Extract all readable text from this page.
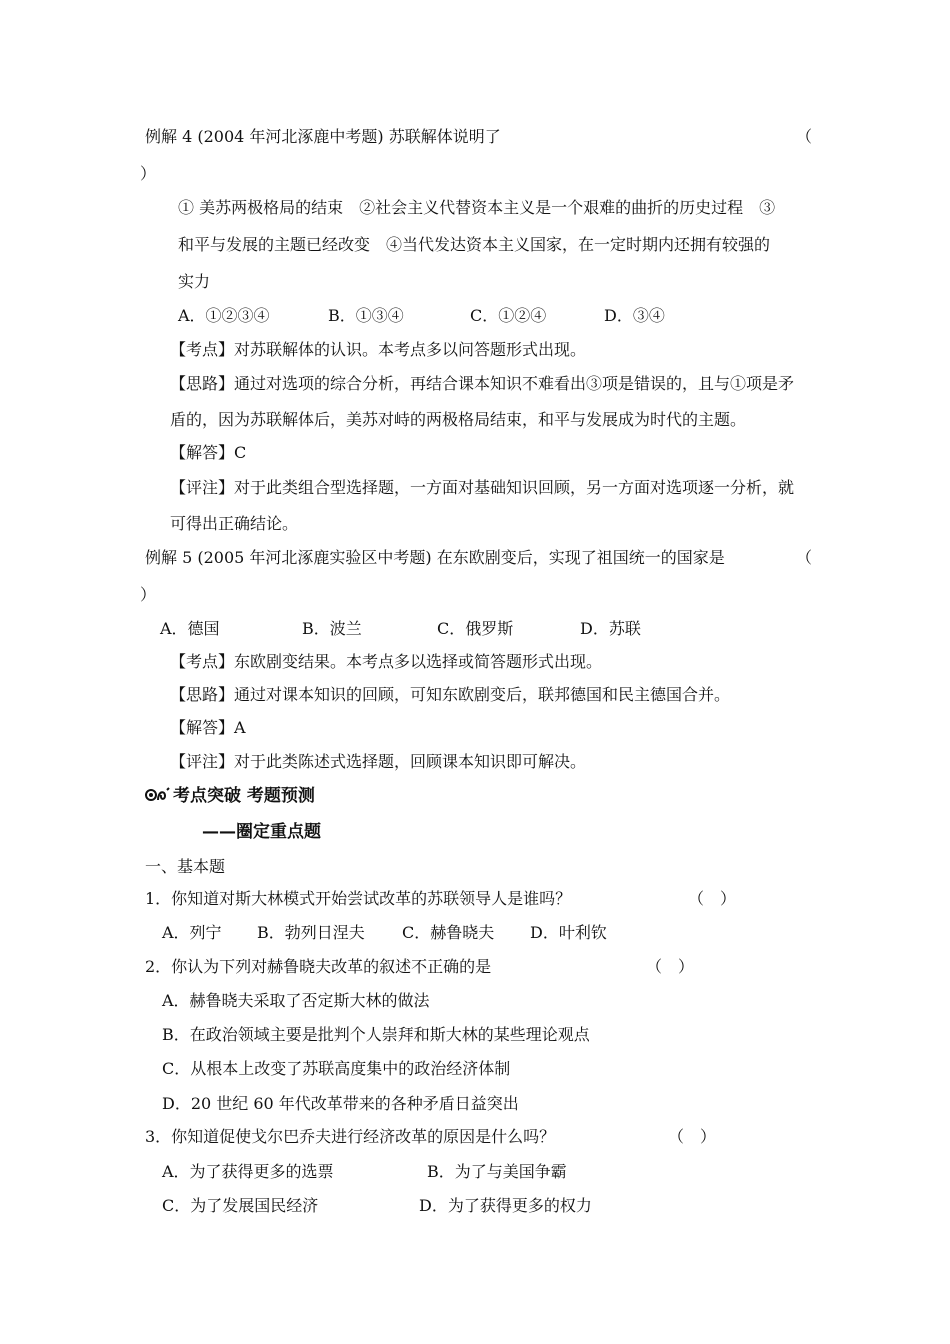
例解 4 (2004 年河北涿鹿中考题) 苏联解体说明了	（
）
① 美苏两极格局的结束　②社会主义代替资本主义是一个艰难的曲折的历史过程　③
和平与发展的主题已经改变　④当代发达资本主义国家，在一定时期内还拥有较强的
实力
A．①②③④	B．①③④	C．①②④	D．③④
【考点】对苏联解体的认识。本考点多以问答题形式出现。
【思路】通过对选项的综合分析，再结合课本知识不难看出③项是错误的，且与①项是矛
盾的，因为苏联解体后，美苏对峙的两极格局结束，和平与发展成为时代的主题。
【解答】C
【评注】对于此类组合型选择题，一方面对基础知识回顾，另一方面对选项逐一分析，就
可得出正确结论。
例解 5 (2005 年河北涿鹿实验区中考题) 在东欧剧变后，实现了祖国统一的国家是	（
）
A．德国	B．波兰	C．俄罗斯	D．苏联
【考点】东欧剧变结果。本考点多以选择或简答题形式出现。
【思路】通过对课本知识的回顾，可知东欧剧变后，联邦德国和民主德国合并。
【解答】A
【评注】对于此类陈述式选择题，回顾课本知识即可解决。
考点突破 考题预测
——圈定重点题
一、基本题
1．你知道对斯大林模式开始尝试改革的苏联领导人是谁吗？	（　）
A．列宁 B．勃列日涅夫 C．赫鲁晓夫 D．叶利钦
2．你认为下列对赫鲁晓夫改革的叙述不正确的是	（　）
A．赫鲁晓夫采取了否定斯大林的做法
B．在政治领域主要是批判个人崇拜和斯大林的某些理论观点
C．从根本上改变了苏联高度集中的政治经济体制
D．20 世纪 60 年代改革带来的各种矛盾日益突出
3．你知道促使戈尔巴乔夫进行经济改革的原因是什么吗？	（　）
A．为了获得更多的选票	B．为了与美国争霸
C．为了发展国民经济	D．为了获得更多的权力
